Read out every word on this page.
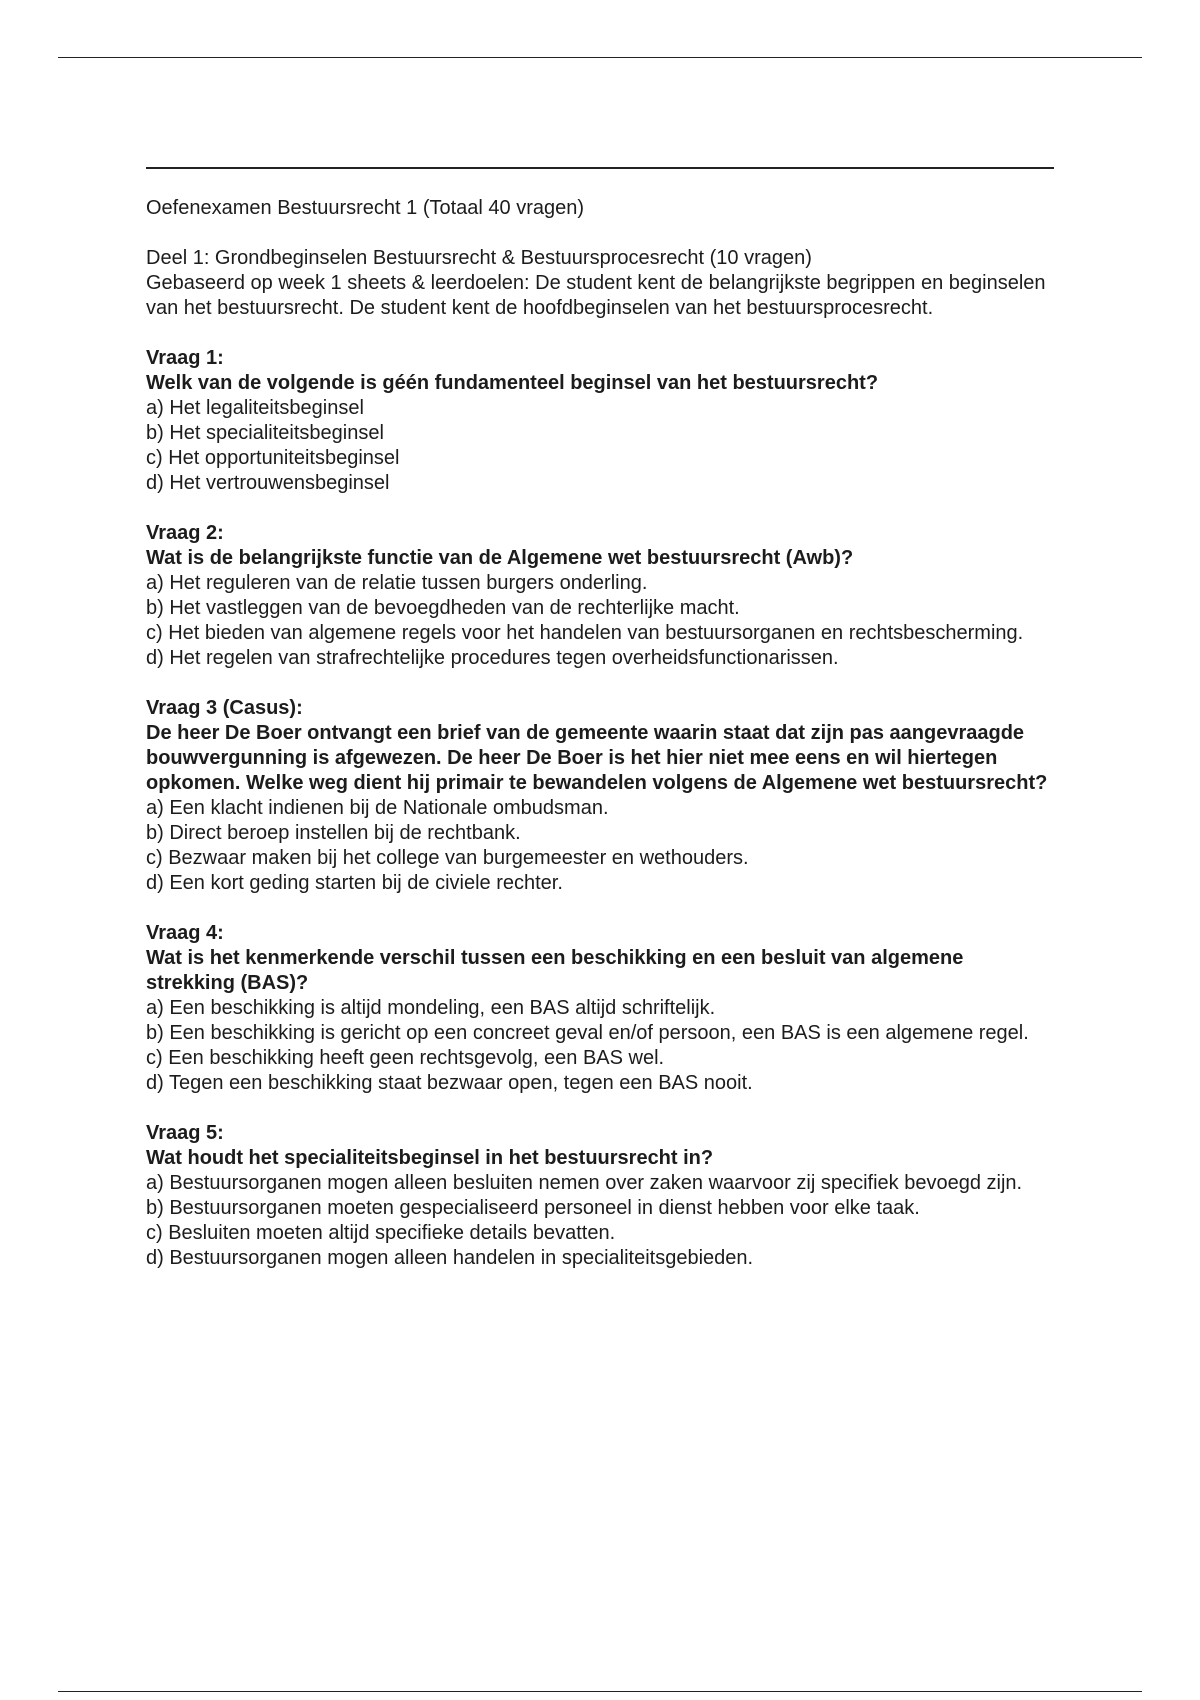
Oefenexamen Bestuursrecht 1 (Totaal 40 vragen)

Deel 1: Grondbeginselen Bestuursrecht & Bestuursprocesrecht (10 vragen)

Gebaseerd op week 1 sheets & leerdoelen: De student kent de belangrijkste begrippen en beginselen van het bestuursrecht. De student kent de hoofdbeginselen van het bestuursprocesrecht.

Vraag 1:

Welk van de volgende is géén fundamenteel beginsel van het bestuursrecht?

a) Het legaliteitsbeginsel

b) Het specialiteitsbeginsel

c) Het opportuniteitsbeginsel

d) Het vertrouwensbeginsel

Vraag 2:

Wat is de belangrijkste functie van de Algemene wet bestuursrecht (Awb)?

a) Het reguleren van de relatie tussen burgers onderling.

b) Het vastleggen van de bevoegdheden van de rechterlijke macht.

c) Het bieden van algemene regels voor het handelen van bestuursorganen en rechtsbescherming.

d) Het regelen van strafrechtelijke procedures tegen overheidsfunctionarissen.

Vraag 3 (Casus):

De heer De Boer ontvangt een brief van de gemeente waarin staat dat zijn pas aangevraagde bouwvergunning is afgewezen. De heer De Boer is het hier niet mee eens en wil hiertegen opkomen. Welke weg dient hij primair te bewandelen volgens de Algemene wet bestuursrecht?

a) Een klacht indienen bij de Nationale ombudsman.

b) Direct beroep instellen bij de rechtbank.

c) Bezwaar maken bij het college van burgemeester en wethouders.

d) Een kort geding starten bij de civiele rechter.

Vraag 4:

Wat is het kenmerkende verschil tussen een beschikking en een besluit van algemene strekking (BAS)?

a) Een beschikking is altijd mondeling, een BAS altijd schriftelijk.

b) Een beschikking is gericht op een concreet geval en/of persoon, een BAS is een algemene regel.

c) Een beschikking heeft geen rechtsgevolg, een BAS wel.

d) Tegen een beschikking staat bezwaar open, tegen een BAS nooit.

Vraag 5:

Wat houdt het specialiteitsbeginsel in het bestuursrecht in?

a) Bestuursorganen mogen alleen besluiten nemen over zaken waarvoor zij specifiek bevoegd zijn.

b) Bestuursorganen moeten gespecialiseerd personeel in dienst hebben voor elke taak.

c) Besluiten moeten altijd specifieke details bevatten.

d) Bestuursorganen mogen alleen handelen in specialiteitsgebieden.
